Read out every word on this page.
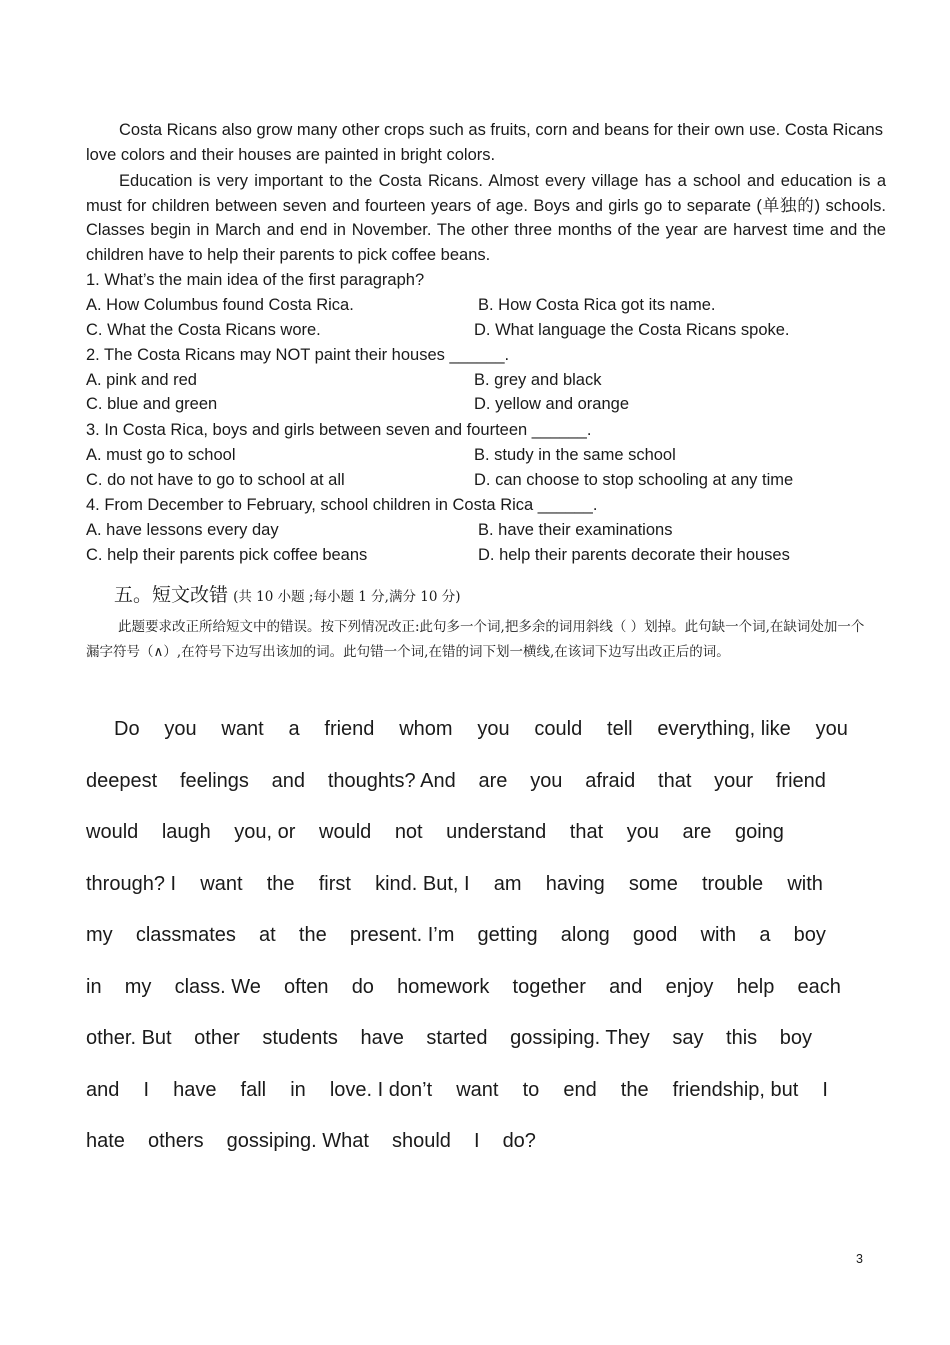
Costa Ricans also grow many other crops such as fruits, corn and beans for their own use. Costa Ricans love colors and their houses are painted in bright colors.

Education is very important to the Costa Ricans. Almost every village has a school and education is a must for children between seven and fourteen years of age. Boys and girls go to separate (单独的) schools. Classes begin in March and end in November. The other three months of the year are harvest time and the children have to help their parents to pick coffee beans.

1. What’s the main idea of the first paragraph?
A. How Columbus found Costa Rica.	B. How Costa Rica got its name.
C. What the Costa Ricans wore.	D. What language the Costa Ricans spoke.
2. The Costa Ricans may NOT paint their houses ______.
A. pink and red	B. grey and black
C. blue and green	D. yellow and orange
3. In Costa Rica, boys and girls between seven and fourteen ______.
A. must go to school	B. study in the same school
C. do not have to go to school at all	D. can choose to stop schooling at any time
4. From December to February, school children in Costa Rica ______.
A. have lessons every day	B. have their examinations
C. help their parents pick coffee beans	D. help their parents decorate their houses
五。短文改错 (共 10 小题 ;每小题 1 分,满分 10 分)

此题要求改正所给短文中的错误。按下列情况改正:此句多一个词,把多余的词用斜线（ ）划掉。此句缺一个词,在缺词处加一个漏字符号（∧）,在符号下边写出该加的词。此句错一个词,在错的词下划一横线,在该词下边写出改正后的词。

Do you want a friend whom you could tell everything, like you
deepest feelings and thoughts? And are you afraid that your friend
would laugh you, or would not understand that you are going
through? I want the first kind. But, I am having some trouble with
my classmates at the present. I’m getting along good with a boy
in my class. We often do homework together and enjoy help each
other. But other students have started gossiping. They say this boy
and I have fall in love. I don’t want to end the friendship, but I
hate others gossiping. What should I do?
3
